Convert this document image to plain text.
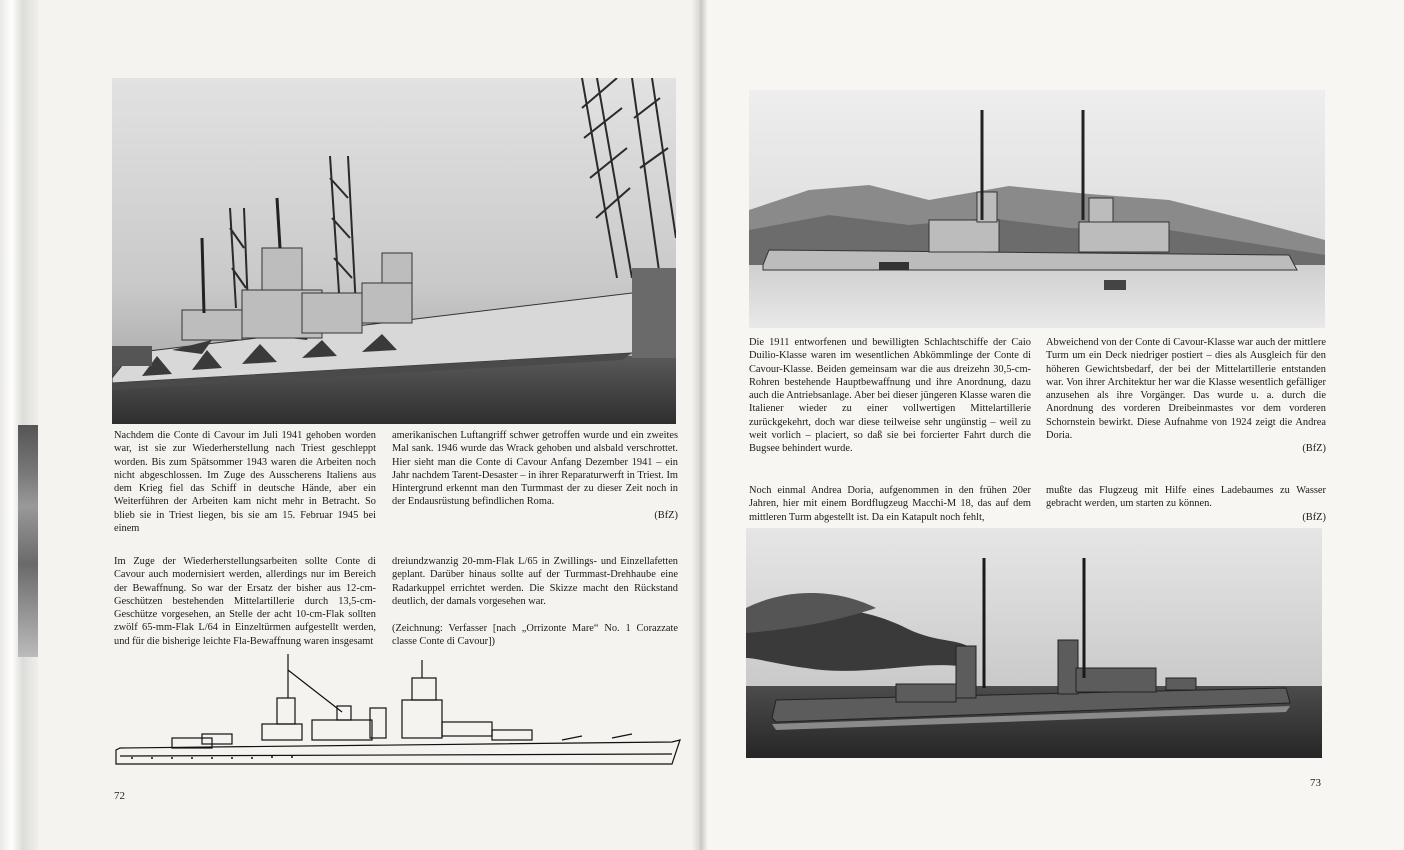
Nachdem die Conte di Cavour im Juli 1941 gehoben worden war, ist sie zur Wiederherstellung nach Triest geschleppt worden. Bis zum Spätsommer 1943 waren die Arbeiten noch nicht abgeschlossen. Im Zuge des Ausscherens Italiens aus dem Krieg fiel das Schiff in deutsche Hände, aber ein Weiterführen der Arbeiten kam nicht mehr in Betracht. So blieb sie in Triest liegen, bis sie am 15. Februar 1945 bei einem

amerikanischen Luftangriff schwer getroffen wurde und ein zweites Mal sank. 1946 wurde das Wrack gehoben und alsbald verschrottet. Hier sieht man die Conte di Cavour Anfang Dezember 1941 – ein Jahr nachdem Tarent-Desaster – in ihrer Reparaturwerft in Triest. Im Hintergrund erkennt man den Turmmast der zu dieser Zeit noch in der Endausrüstung befindlichen Roma.

(BfZ)

Im Zuge der Wiederherstellungsarbeiten sollte Conte di Cavour auch modernisiert werden, allerdings nur im Bereich der Bewaffnung. So war der Ersatz der bisher aus 12-cm-Geschützen bestehenden Mittelartillerie durch 13,5-cm-Geschütze vorgesehen, an Stelle der acht 10-cm-Flak sollten zwölf 65-mm-Flak L/64 in Einzeltürmen aufgestellt werden, und für die bisherige leichte Fla-Bewaffnung waren insgesamt

dreiundzwanzig 20-mm-Flak L/65 in Zwillings- und Einzellafetten geplant. Darüber hinaus sollte auf der Turmmast-Drehhaube eine Radarkuppel errichtet werden. Die Skizze macht den Rückstand deutlich, der damals vorgesehen war.

(Zeichnung: Verfasser [nach „Orrizonte Mare“ No. 1 Corazzate classe Conte di Cavour])

72

Die 1911 entworfenen und bewilligten Schlachtschiffe der Caio Duilio-Klasse waren im wesentlichen Abkömmlinge der Conte di Cavour-Klasse. Beiden gemeinsam war die aus dreizehn 30,5-cm-Rohren bestehende Hauptbewaffnung und ihre Anordnung, dazu auch die Antriebsanlage. Aber bei dieser jüngeren Klasse waren die Italiener wieder zu einer vollwertigen Mittelartillerie zurückgekehrt, doch war diese teilweise sehr ungünstig – weil zu weit vorlich – placiert, so daß sie bei forcierter Fahrt durch die Bugsee behindert wurde.

Abweichend von der Conte di Cavour-Klasse war auch der mittlere Turm um ein Deck niedriger postiert – dies als Ausgleich für den höheren Gewichtsbedarf, der bei der Mittelartillerie entstanden war. Von ihrer Architektur her war die Klasse wesentlich gefälliger anzusehen als ihre Vorgänger. Das wurde u. a. durch die Anordnung des vorderen Dreibeinmastes vor dem vorderen Schornstein bewirkt. Diese Aufnahme von 1924 zeigt die Andrea Doria.

(BfZ)

Noch einmal Andrea Doria, aufgenommen in den frühen 20er Jahren, hier mit einem Bordflugzeug Macchi-M 18, das auf dem mittleren Turm abgestellt ist. Da ein Katapult noch fehlt,

mußte das Flugzeug mit Hilfe eines Ladebaumes zu Wasser gebracht werden, um starten zu können.

(BfZ)
73
